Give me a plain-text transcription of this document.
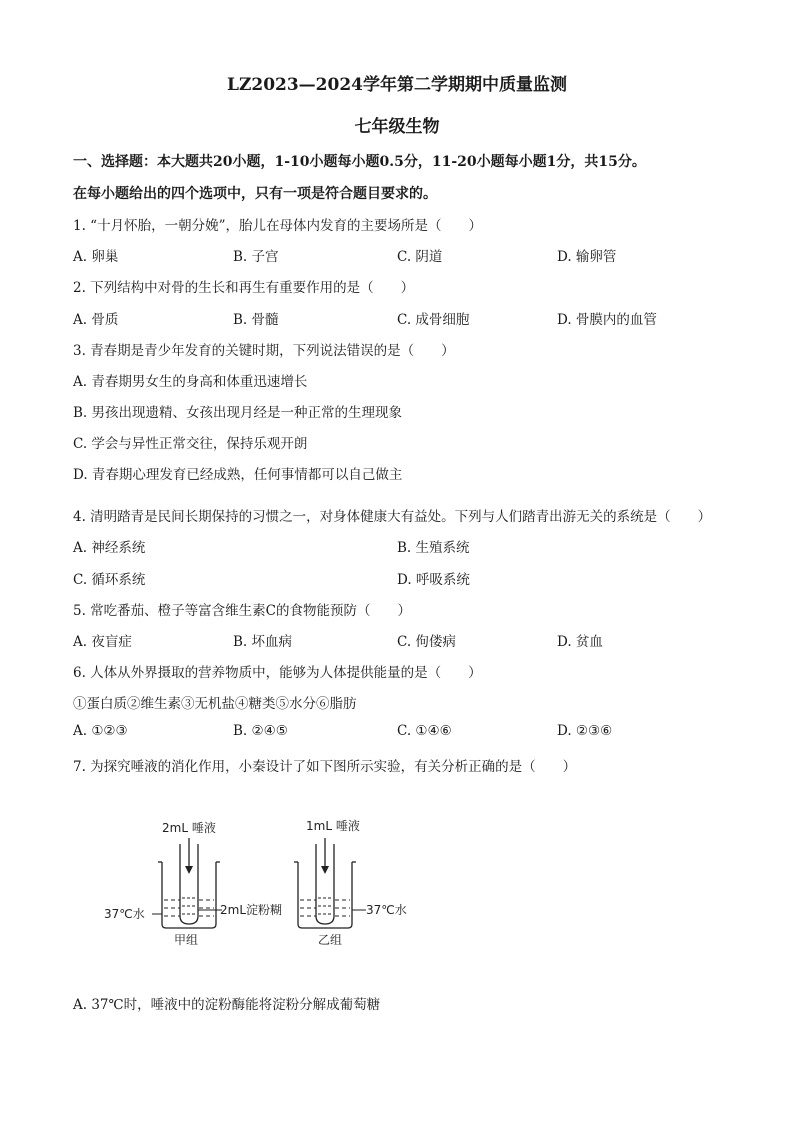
LZ2023—2024学年第二学期期中质量监测
七年级生物
一、选择题：本大题共20小题，1-10小题每小题0.5分，11-20小题每小题1分，共15分。
在每小题给出的四个选项中，只有一项是符合题目要求的。
1. “十月怀胎，一朝分娩”，胎儿在母体内发育的主要场所是（　　）
A. 卵巢	B. 子宫	C. 阴道	D. 输卵管
2. 下列结构中对骨的生长和再生有重要作用的是（　　）
A. 骨质	B. 骨髓	C. 成骨细胞	D. 骨膜内的血管
3. 青春期是青少年发育的关键时期，下列说法错误的是（　　）
A. 青春期男女生的身高和体重迅速增长
B. 男孩出现遗精、女孩出现月经是一种正常的生理现象
C. 学会与异性正常交往，保持乐观开朗
D. 青春期心理发育已经成熟，任何事情都可以自己做主
4. 清明踏青是民间长期保持的习惯之一，对身体健康大有益处。下列与人们踏青出游无关的系统是（　　）
A. 神经系统	B. 生殖系统
C. 循环系统	D. 呼吸系统
5. 常吃番茄、橙子等富含维生素C的食物能预防（　　）
A. 夜盲症	B. 坏血病	C. 佝偻病	D. 贫血
6. 人体从外界摄取的营养物质中，能够为人体提供能量的是（　　）
①蛋白质②维生素③无机盐④糖类⑤水分⑥脂肪
A. ①②③	B. ②④⑤	C. ①④⑥	D. ②③⑥
7. 为探究唾液的消化作用，小秦设计了如下图所示实验，有关分析正确的是（　　）
2mL 唾液
37℃水	2mL淀粉糊
甲组
1mL 唾液
37℃水
乙组
A. 37℃时，唾液中的淀粉酶能将淀粉分解成葡萄糖
